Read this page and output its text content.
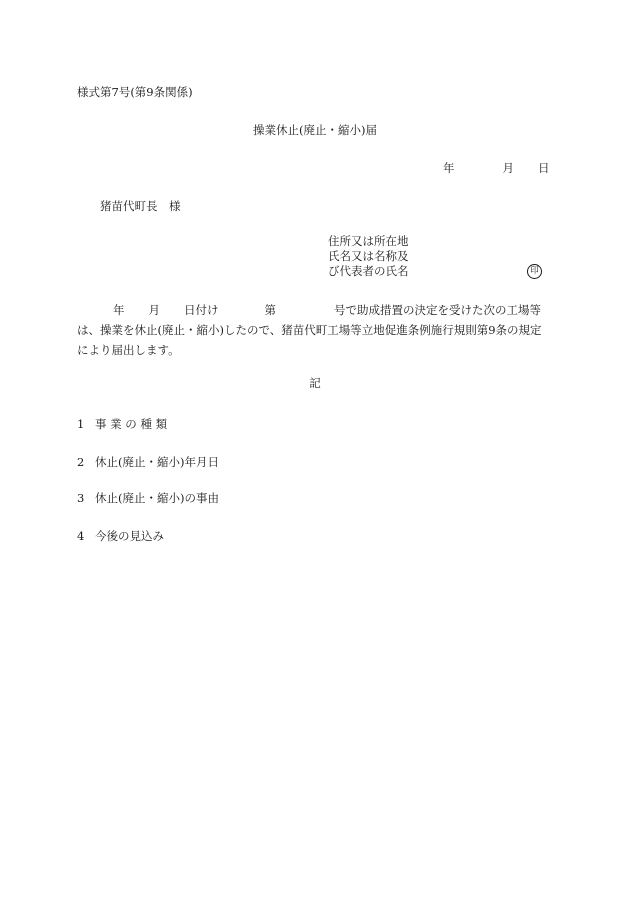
様式第7号(第9条関係)
操業休止(廃止・縮小)届
年	月 日
猪苗代町長　様
住所又は所在地
氏名又は名称及
び代表者の氏名	印
年 月 日付け	第	号で助成措置の決定を受けた次の工場等
は、操業を休止(廃止・縮小)したので、猪苗代町工場等立地促進条例施行規則第9条の規定
により届出します。
記
1 事 業 の 種 類
2 休止(廃止・縮小)年月日
3 休止(廃止・縮小)の事由
4 今後の見込み
